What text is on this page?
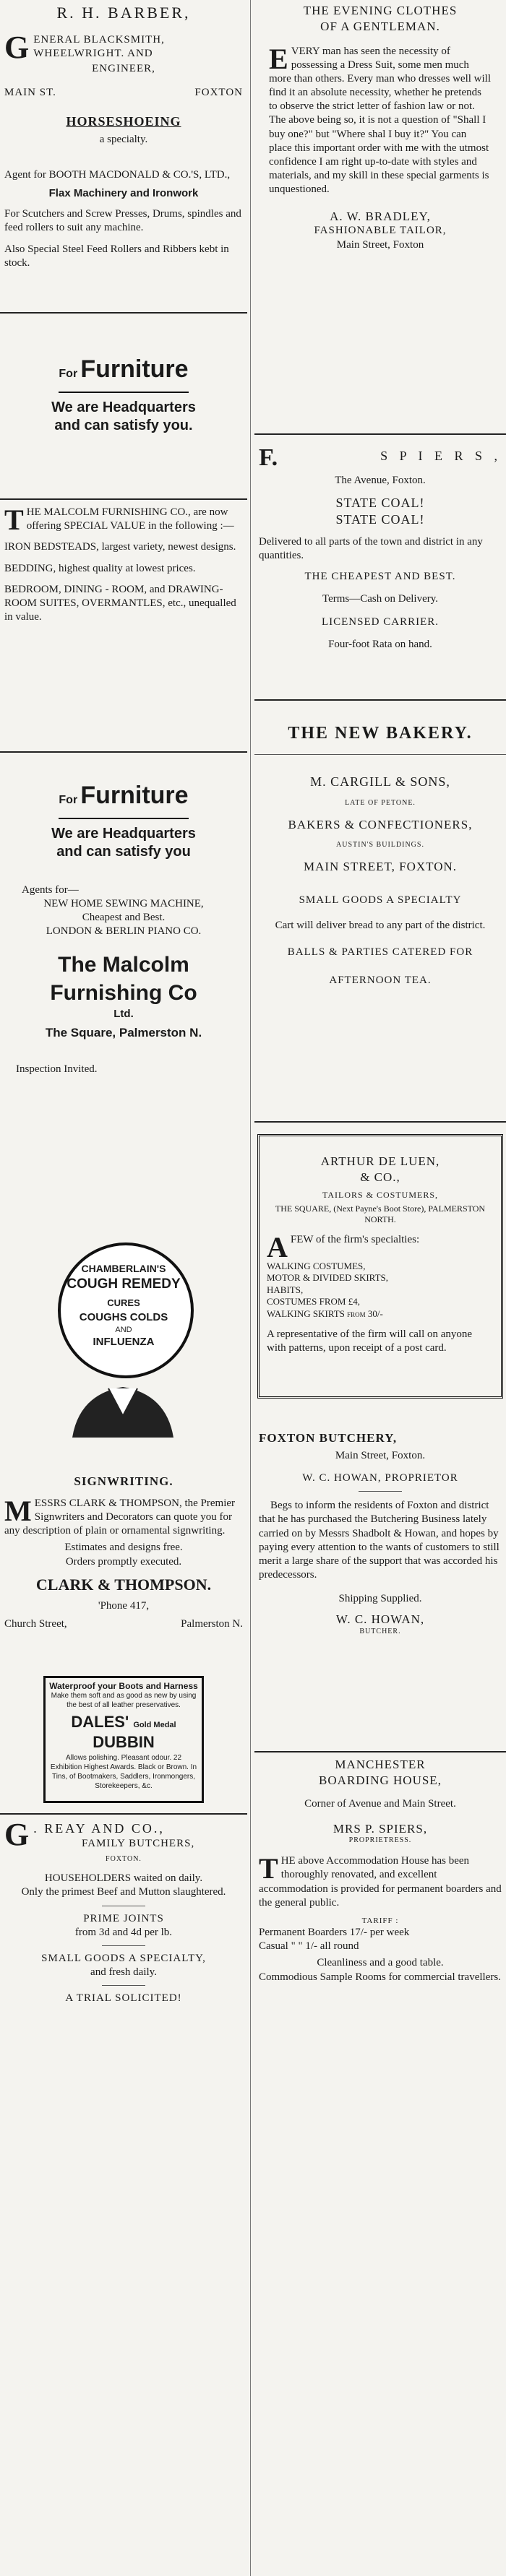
R. H. BARBER,
G ENERAL BLACKSMITH,
WHEELWRIGHT. AND
ENGINEER,
MAIN ST.	FOXTON
HORSESHOEING
a specialty.
Agent for BOOTH MACDONALD & CO.'S, LTD.,
Flax Machinery and Ironwork
For Scutchers and Screw Presses, Drums, spindles and feed rollers to suit any machine.
Also Special Steel Feed Rollers and Ribbers kebt in stock.
For Furniture
We are Headquarters
and can satisfy you.
T HE MALCOLM FURNISHING CO., are now offering SPECIAL VALUE in the following :—

IRON BEDSTEADS, largest variety, newest designs.

BEDDING, highest quality at lowest prices.

BEDROOM, DINING - ROOM, and DRAWING-ROOM SUITES, OVERMANTLES, etc., unequalled in value.

For Furniture
We are Headquarters
and can satisfy you
Agents for—
NEW HOME SEWING MACHINE,
Cheapest and Best.
LONDON & BERLIN PIANO CO.
The Malcolm
Furnishing Co
Ltd.
The Square, Palmerston N.
Inspection Invited.
CHAMBERLAIN'S
COUGH REMEDY
CURES
COUGHS COLDS
AND
INFLUENZA
SIGNWRITING.
M ESSRS CLARK & THOMPSON, the Premier Signwriters and Decorators can quote you for any description of plain or ornamental signwriting.
Estimates and designs free.
Orders promptly executed.
CLARK & THOMPSON.
'Phone 417,
Church Street,	Palmerston N.
Waterproof your Boots and Harness
Make them soft and as good as new by using the best of all leather preservatives.
DALES' Gold Medal DUBBIN
Allows polishing. Pleasant odour. 22 Exhibition Highest Awards. Black or Brown. In Tins, of Bootmakers, Saddlers, Ironmongers, Storekeepers, &c.
G . REAY AND CO.,
FAMILY BUTCHERS,
FOXTON.
HOUSEHOLDERS waited on daily.
Only the primest Beef and Mutton slaughtered.
PRIME JOINTS
from 3d and 4d per lb.
SMALL GOODS A SPECIALTY,
and fresh daily.
A TRIAL SOLICITED!
THE EVENING CLOTHES
OF A GENTLEMAN.
E VERY man has seen the necessity of possessing a Dress Suit, some men much more than others. Every man who dresses well will find it an absolute necessity, whether he pretends to observe the strict letter of fashion law or not. The above being so, it is not a question of "Shall I buy one?" but "Where shal I buy it?" You can place this important order with me with the utmost confidence I am right up-to-date with styles and materials, and my skill in these special garments is unquestioned.
A. W. BRADLEY,
FASHIONABLE TAILOR,
Main Street, Foxton
F.	S P I E R S ,
The Avenue, Foxton.
STATE COAL!
STATE COAL!
Delivered to all parts of the town and district in any quantities.
THE CHEAPEST AND BEST.
Terms—Cash on Delivery.
LICENSED CARRIER.
Four-foot Rata on hand.
THE NEW BAKERY.
M. CARGILL & SONS,
LATE OF PETONE.
BAKERS & CONFECTIONERS,
AUSTIN'S BUILDINGS.
MAIN STREET, FOXTON.
SMALL GOODS A SPECIALTY
Cart will deliver bread to any part of the district.
BALLS & PARTIES CATERED FOR
AFTERNOON TEA.
ARTHUR DE LUEN,
& CO.,
TAILORS & COSTUMERS,
THE SQUARE, (Next Payne's Boot Store), PALMERSTON NORTH.
A FEW of the firm's specialties:
WALKING COSTUMES,
MOTOR & DIVIDED SKIRTS,
HABITS,
COSTUMES FROM £4,
WALKING SKIRTS from 30/-
A representative of the firm will call on anyone with patterns, upon receipt of a post card.
FOXTON BUTCHERY,
Main Street, Foxton.
W. C. HOWAN, PROPRIETOR
Begs to inform the residents of Foxton and district that he has purchased the Butchering Business lately carried on by Messrs Shadbolt & Howan, and hopes by paying every attention to the wants of customers to still merit a large share of the support that was accorded his predecessors.
Shipping Supplied.
W. C. HOWAN,
BUTCHER.
MANCHESTER
BOARDING HOUSE,
Corner of Avenue and Main Street.
MRS P. SPIERS,
PROPRIETRESS.
T HE above Accommodation House has been thoroughly renovated, and excellent accommodation is provided for permanent boarders and the general public.
TARIFF :
Permanent Boarders 17/- per week
Casual " " 1/- all round
Cleanliness and a good table.
Commodious Sample Rooms for commercial travellers.
